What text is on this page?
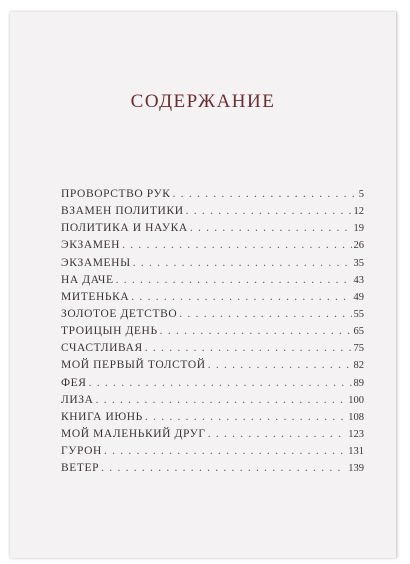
СОДЕРЖАНИЕ
ПРОВОРСТВО РУК . . .	5
ВЗАМЕН ПОЛИТИКИ . . .	12
ПОЛИТИКА И НАУКА . . .	19
ЭКЗАМЕН . . .	26
ЭКЗАМЕНЫ . . .	35
НА ДАЧЕ . . .	43
МИТЕНЬКА . . .	49
ЗОЛОТОЕ ДЕТСТВО . . .	55
ТРОИЦЫН ДЕНЬ . . .	65
СЧАСТЛИВАЯ . . .	75
МОЙ ПЕРВЫЙ ТОЛСТОЙ . . .	82
ФЕЯ . . .	89
ЛИЗА . . .	100
КНИГА ИЮНЬ . . .	108
МОЙ МАЛЕНЬКИЙ ДРУГ . . .	123
ГУРОН . . .	131
ВЕТЕР . . .	139
